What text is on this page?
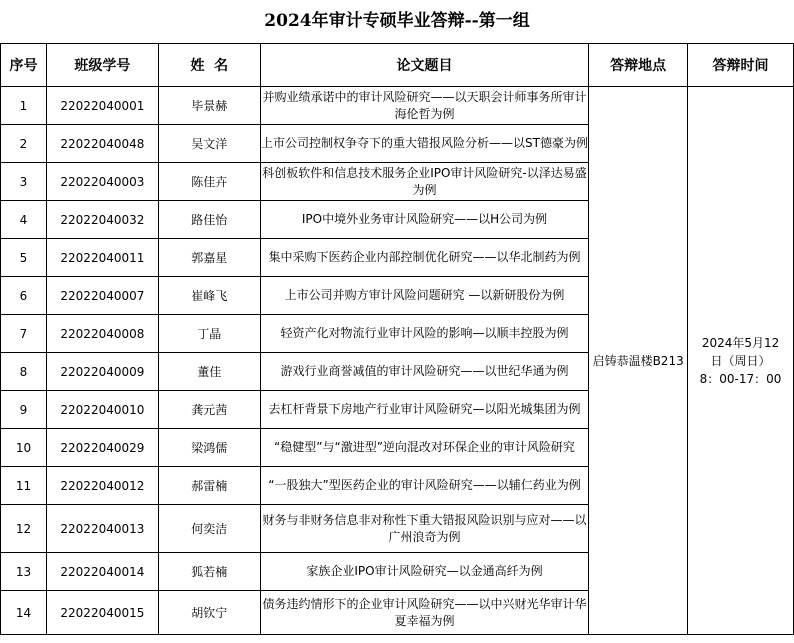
2024年审计专硕毕业答辩--第一组
序号	班级学号	姓  名	论文题目	答辩地点	答辩时间
1	22022040001	毕景赫	并购业绩承诺中的审计风险研究——以天职会计师事务所审计海伦哲为例	启铸恭温楼B213	2024年5月12
日（周日）
8：00-17：00

2	22022040048	吴文洋	上市公司控制权争夺下的重大错报风险分析——以ST德豪为例		
3	22022040003	陈佳卉	科创板软件和信息技术服务企业IPO审计风险研究-以泽达易盛为例		
4	22022040032	路佳怡	IPO中境外业务审计风险研究——以H公司为例		
5	22022040011	郭嘉星	集中采购下医药企业内部控制优化研究——以华北制药为例		
6	22022040007	崔峰飞	上市公司并购方审计风险问题研究 —以新研股份为例		
7	22022040008	丁晶	轻资产化对物流行业审计风险的影响—以顺丰控股为例		
8	22022040009	董佳	游戏行业商誉减值的审计风险研究——以世纪华通为例		
9	22022040010	龚元茜	去杠杆背景下房地产行业审计风险研究—以阳光城集团为例		
10	22022040029	梁鸿儒	“稳健型”与“激进型”逆向混改对环保企业的审计风险研究		
11	22022040012	郝雷楠	“一股独大”型医药企业的审计风险研究——以辅仁药业为例		
12	22022040013	何奕洁	财务与非财务信息非对称性下重大错报风险识别与应对——以广州浪奇为例		
13	22022040014	狐若楠	家族企业IPO审计风险研究—以金通高纤为例		
14	22022040015	胡钦宁	债务违约情形下的企业审计风险研究——以中兴财光华审计华夏幸福为例		
